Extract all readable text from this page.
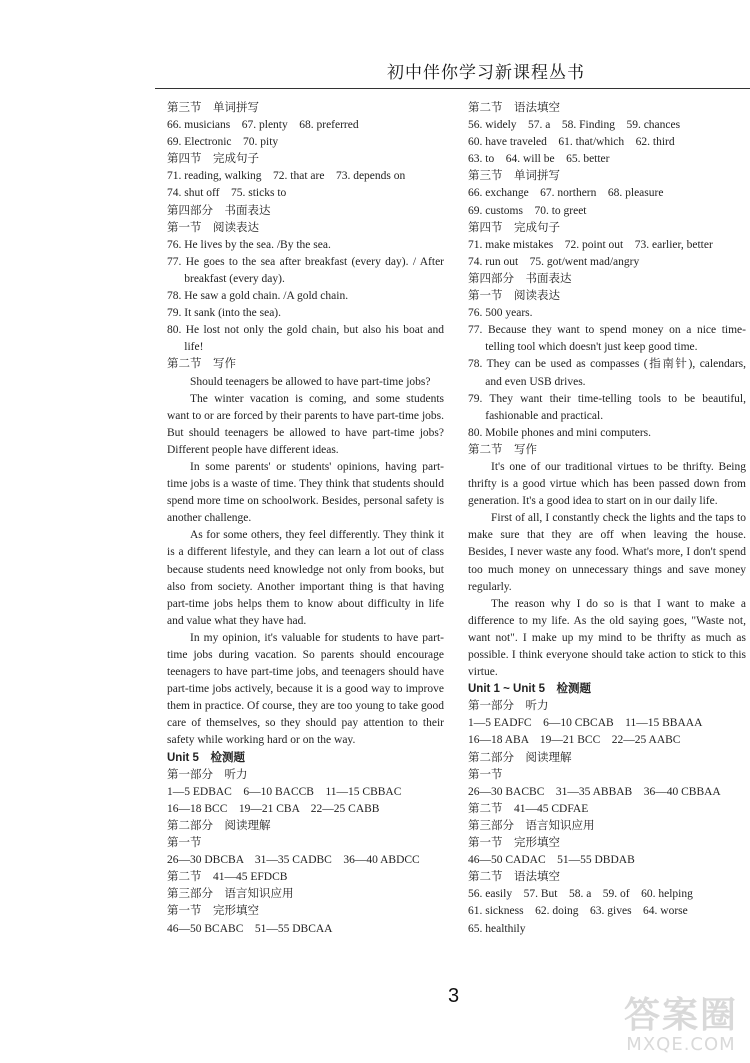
初中伴你学习新课程丛书
第三节　单词拼写
66. musicians　67. plenty　68. preferred
69. Electronic　70. pity
第四节　完成句子
71. reading, walking　72. that are　73. depends on
74. shut off　75. sticks to
第四部分　书面表达
第一节　阅读表达
76. He lives by the sea. /By the sea.
77. He goes to the sea after breakfast (every day). / After breakfast (every day).
78. He saw a gold chain. /A gold chain.
79. It sank (into the sea).
80. He lost not only the gold chain, but also his boat and life!
第二节　写作
Should teenagers be allowed to have part-time jobs?
The winter vacation is coming, and some students want to or are forced by their parents to have part-time jobs. But should teenagers be allowed to have part-time jobs? Different people have different ideas.
In some parents' or students' opinions, having part-time jobs is a waste of time. They think that students should spend more time on schoolwork. Besides, personal safety is another challenge.
As for some others, they feel differently. They think it is a different lifestyle, and they can learn a lot out of class because students need knowledge not only from books, but also from society. Another important thing is that having part-time jobs helps them to know about difficulty in life and value what they have had.
In my opinion, it's valuable for students to have part-time jobs during vacation. So parents should encourage teenagers to have part-time jobs, and teenagers should have part-time jobs actively, because it is a good way to improve them in practice. Of course, they are too young to take good care of themselves, so they should pay attention to their safety while working hard or on the way.
Unit 5　检测题
第一部分　听力
1—5 EDBAC　6—10 BACCB　11—15 CBBAC
16—18 BCC　19—21 CBA　22—25 CABB
第二部分　阅读理解
第一节
26—30 DBCBA　31—35 CADBC　36—40 ABDCC
第二节　41—45 EFDCB
第三部分　语言知识应用
第一节　完形填空
46—50 BCABC　51—55 DBCAA
第二节　语法填空
56. widely　57. a　58. Finding　59. chances
60. have traveled　61. that/which　62. third
63. to　64. will be　65. better
第三节　单词拼写
66. exchange　67. northern　68. pleasure
69. customs　70. to greet
第四节　完成句子
71. make mistakes　72. point out　73. earlier, better
74. run out　75. got/went mad/angry
第四部分　书面表达
第一节　阅读表达
76. 500 years.
77. Because they want to spend money on a nice time-telling tool which doesn't just keep good time.
78. They can be used as compasses (指南针), calendars, and even USB drives.
79. They want their time-telling tools to be beautiful, fashionable and practical.
80. Mobile phones and mini computers.
第二节　写作
It's one of our traditional virtues to be thrifty. Being thrifty is a good virtue which has been passed down from generation. It's a good idea to start on in our daily life.
First of all, I constantly check the lights and the taps to make sure that they are off when leaving the house. Besides, I never waste any food. What's more, I don't spend too much money on unnecessary things and save money regularly.
The reason why I do so is that I want to make a difference to my life. As the old saying goes, "Waste not, want not". I make up my mind to be thrifty as much as possible. I think everyone should take action to stick to this virtue.
Unit 1 ~ Unit 5　检测题
第一部分　听力
1—5 EADFC　6—10 CBCAB　11—15 BBAAA
16—18 ABA　19—21 BCC　22—25 AABC
第二部分　阅读理解
第一节
26—30 BACBC　31—35 ABBAB　36—40 CBBAA
第二节　41—45 CDFAE
第三部分　语言知识应用
第一节　完形填空
46—50 CADAC　51—55 DBDAB
第二节　语法填空
56. easily　57. But　58. a　59. of　60. helping
61. sickness　62. doing　63. gives　64. worse
65. healthily
3	答案圈
MXQE.COM
